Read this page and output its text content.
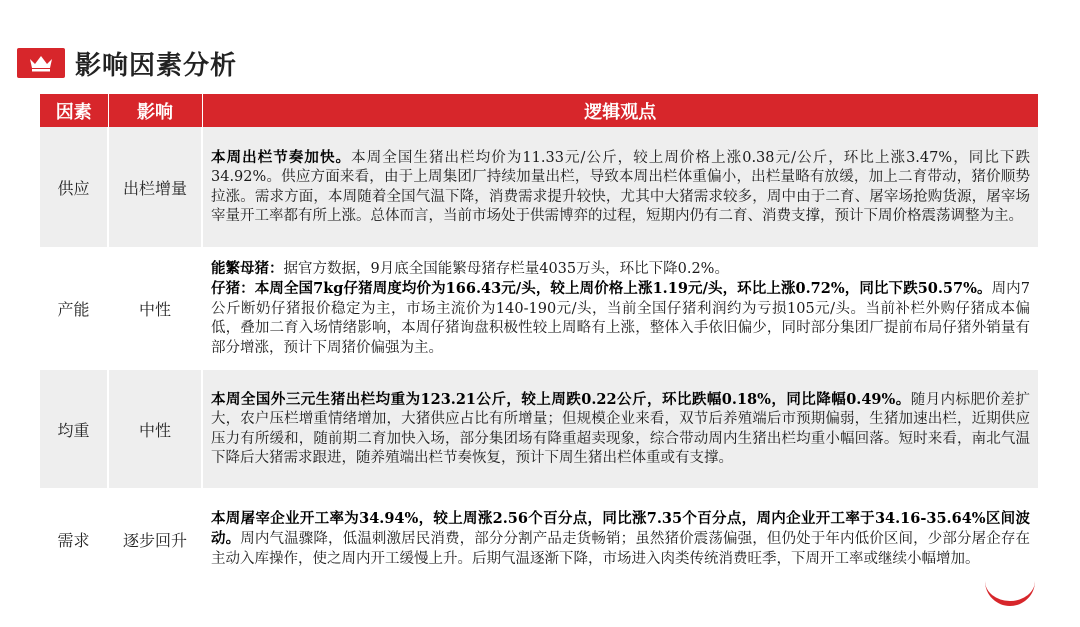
影响因素分析
因素	影响	逻辑观点
供应	出栏增量	本周出栏节奏加快。本周全国生猪出栏均价为11.33元/公斤，较上周价格上涨0.38元/公斤，环比上涨3.47%，同比下跌34.92%。供应方面来看，由于上周集团厂持续加量出栏，导致本周出栏体重偏小，出栏量略有放缓，加上二育带动，猪价顺势拉涨。需求方面，本周随着全国气温下降，消费需求提升较快，尤其中大猪需求较多，周中由于二育、屠宰场抢购货源，屠宰场宰量开工率都有所上涨。总体而言，当前市场处于供需博弈的过程，短期内仍有二育、消费支撑，预计下周价格震荡调整为主。

产能	中性	能繁母猪：据官方数据，9月底全国能繁母猪存栏量4035万头，环比下降0.2%。

仔猪：本周全国7kg仔猪周度均价为166.43元/头，较上周价格上涨1.19元/头，环比上涨0.72%，同比下跌50.57%。周内7公斤断奶仔猪报价稳定为主，市场主流价为140-190元/头，当前全国仔猪利润约为亏损105元/头。当前补栏外购仔猪成本偏低，叠加二育入场情绪影响，本周仔猪询盘积极性较上周略有上涨，整体入手依旧偏少，同时部分集团厂提前布局仔猪外销量有部分增涨，预计下周猪价偏强为主。

均重	中性	本周全国外三元生猪出栏均重为123.21公斤，较上周跌0.22公斤，环比跌幅0.18%，同比降幅0.49%。随月内标肥价差扩大，农户压栏增重情绪增加，大猪供应占比有所增量；但规模企业来看，双节后养殖端后市预期偏弱，生猪加速出栏，近期供应压力有所缓和，随前期二育加快入场，部分集团场有降重超卖现象，综合带动周内生猪出栏均重小幅回落。短时来看，南北气温下降后大猪需求跟进，随养殖端出栏节奏恢复，预计下周生猪出栏体重或有支撑。

需求	逐步回升	本周屠宰企业开工率为34.94%，较上周涨2.56个百分点，同比涨7.35个百分点，周内企业开工率于34.16-35.64%区间波动。周内气温骤降，低温刺激居民消费，部分分割产品走货畅销；虽然猪价震荡偏强，但仍处于年内低价区间，少部分屠企存在主动入库操作，使之周内开工缓慢上升。后期气温逐渐下降，市场进入肉类传统消费旺季，下周开工率或继续小幅增加。
